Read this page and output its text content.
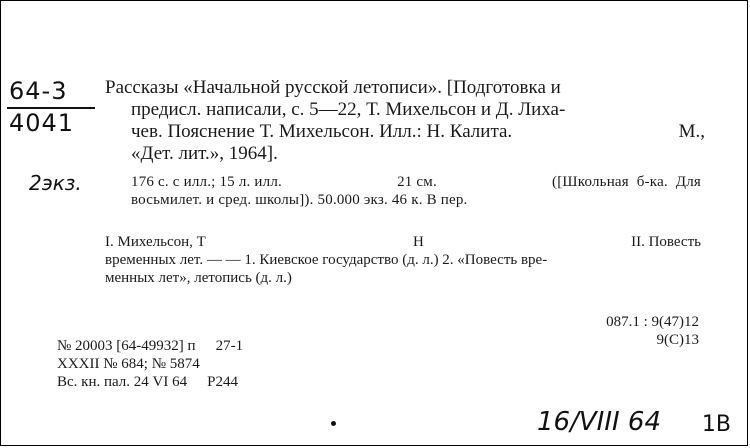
64-3
4041
2экз.

Рассказы «Начальной русской летописи». [Подготовка и

предисл. написали, с. 5—22, Т. Михельсон и Д. Лиха-

чев. Пояснение Т. Михельсон. Илл.: Н. Калита.	М.,

«Дет. лит.», 1964].

176 с. с илл.; 15 л. илл.	21 см.	([Школьная  б-ка.  Для
восьмилет. и сред. школы]). 50.000 экз. 46 к. В пер.
I. Михельсон, Т	Н	II. Повесть
временных лет. — — 1. Киевское государство (д. л.) 2. «Повесть вре-
менных лет», летопись (д. л.)
087.1 : 9(47)12
9(С)13
№ 20003 [64-49932] п 27-1
XXXII № 684; № 5874
Вс. кн. пал. 24 VI 64 Р244
16/VIII 64 1В
